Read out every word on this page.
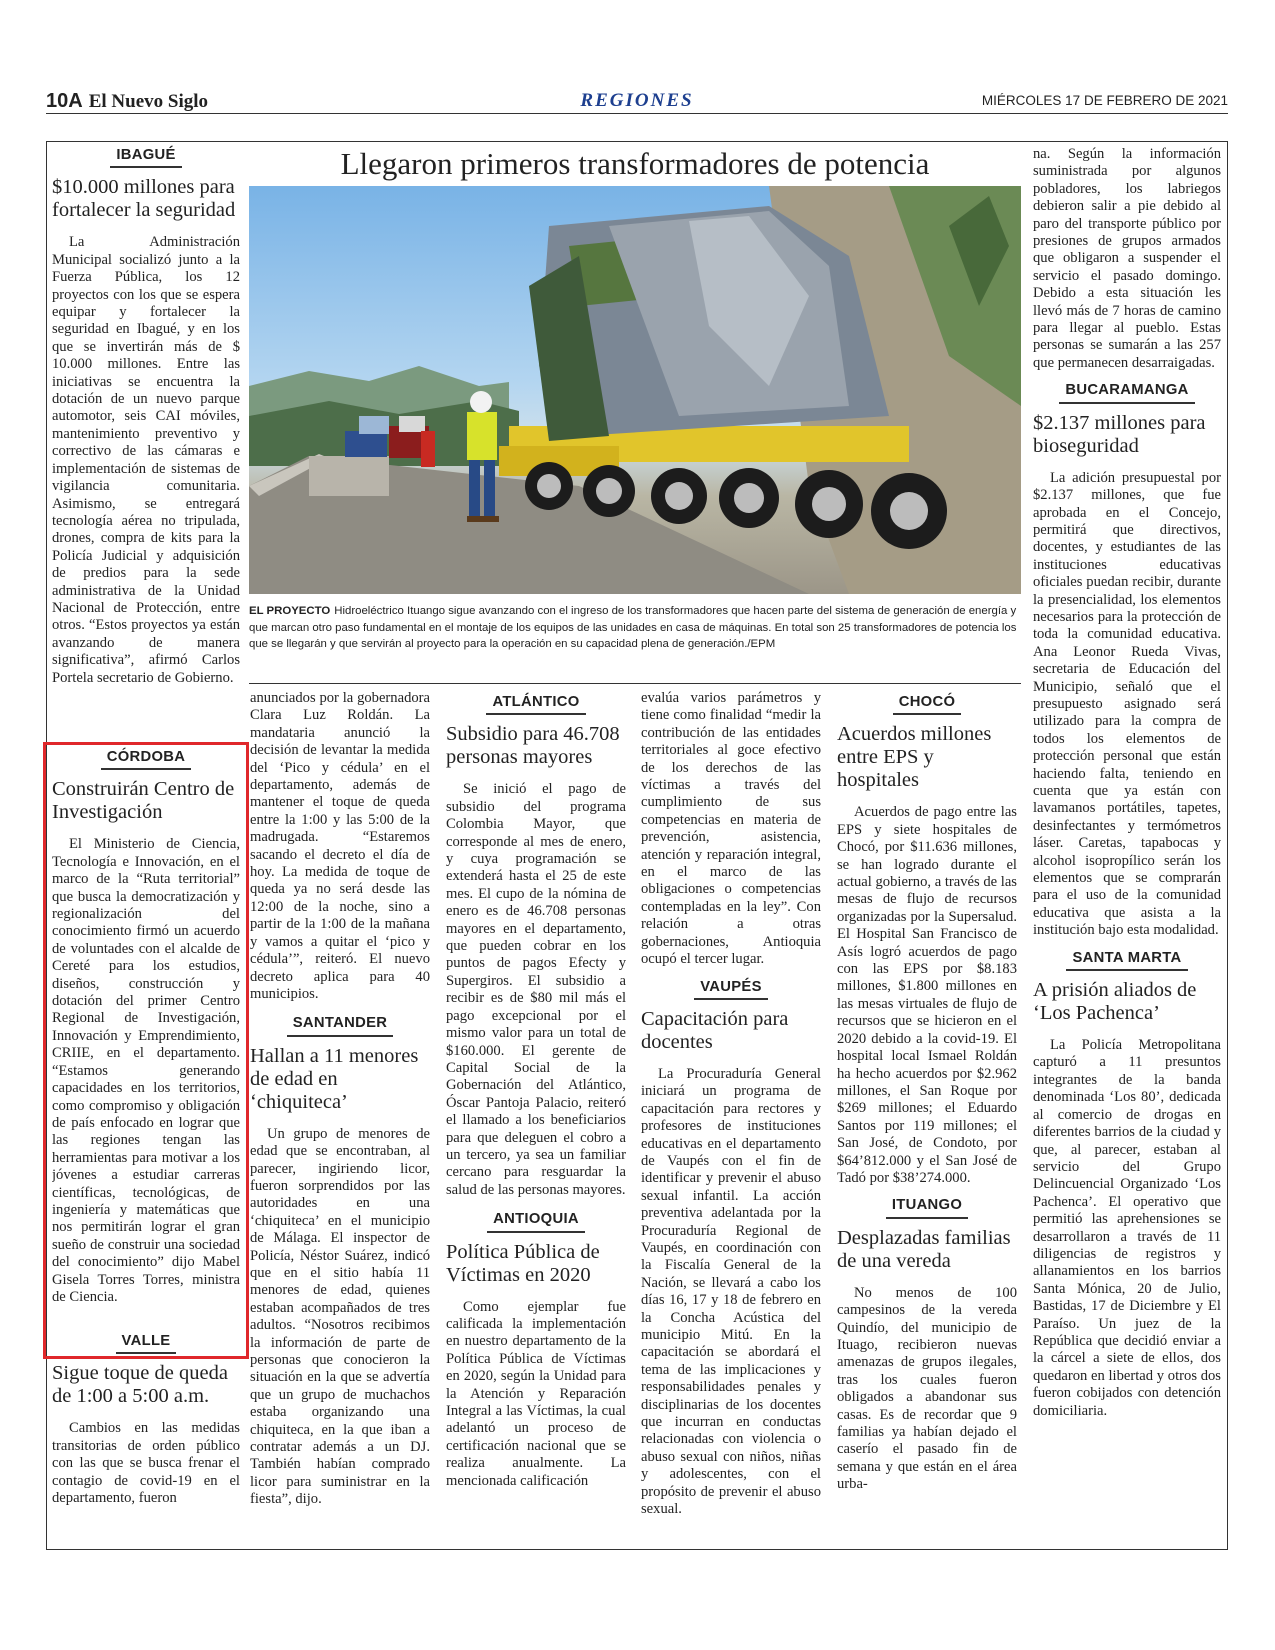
10A El Nuevo Siglo	REGIONES	MIÉRCOLES 17 DE FEBRERO DE 2021
Llegaron primeros transformadores de potencia
EL PROYECTO Hidroeléctrico Ituango sigue avanzando con el ingreso de los transformadores que hacen parte del sistema de generación de energía y que marcan otro paso fundamental en el montaje de los equipos de las unidades en casa de máquinas. En total son 25 transformadores de potencia los que se llegarán y que servirán al proyecto para la operación en su capacidad plena de generación./EPM
IBAGUÉ
$10.000 millones para fortalecer la seguridad

La Administración Municipal socializó junto a la Fuerza Pública, los 12 proyectos con los que se espera equipar y fortalecer la seguridad en Ibagué, y en los que se invertirán más de $ 10.000 millones. Entre las iniciativas se encuentra la dotación de un nuevo parque automotor, seis CAI móviles, mantenimiento preventivo y correctivo de las cámaras e implementación de sistemas de vigilancia comunitaria. Asimismo, se entregará tecnología aérea no tripulada, drones, compra de kits para la Policía Judicial y adquisición de predios para la sede administrativa de la Unidad Nacional de Protección, entre otros. “Estos proyectos ya están avanzando de manera significativa”, afirmó Carlos Portela secretario de Gobierno.

CÓRDOBA
Construirán Centro de Investigación

El Ministerio de Ciencia, Tecnología e Innovación, en el marco de la “Ruta territorial” que busca la democratización y regionalización del conocimiento firmó un acuerdo de voluntades con el alcalde de Cereté para los estudios, diseños, construcción y dotación del primer Centro Regional de Investigación, Innovación y Emprendimiento, CRIIE, en el departamento. “Estamos generando capacidades en los territorios, como compromiso y obligación de país enfocado en lograr que las regiones tengan las herramientas para motivar a los jóvenes a estudiar carreras científicas, tecnológicas, de ingeniería y matemáticas que nos permitirán lograr el gran sueño de construir una sociedad del conocimiento” dijo Mabel Gisela Torres Torres, ministra de Ciencia.

VALLE
Sigue toque de queda de 1:00 a 5:00 a.m.

Cambios en las medidas transitorias de orden público con las que se busca frenar el contagio de covid-19 en el departamento, fueron

anunciados por la gobernadora Clara Luz Roldán. La mandataria anunció la decisión de levantar la medida del ‘Pico y cédula’ en el departamento, además de mantener el toque de queda entre la 1:00 y las 5:00 de la madrugada. “Estaremos sacando el decreto el día de hoy. La medida de toque de queda ya no será desde las 12:00 de la noche, sino a partir de la 1:00 de la mañana y vamos a quitar el ‘pico y cédula’”, reiteró. El nuevo decreto aplica para 40 municipios.

SANTANDER
Hallan a 11 menores de edad en ‘chiquiteca’

Un grupo de menores de edad que se encontraban, al parecer, ingiriendo licor, fueron sorprendidos por las autoridades en una ‘chiquiteca’ en el municipio de Málaga. El inspector de Policía, Néstor Suárez, indicó que en el sitio había 11 menores de edad, quienes estaban acompañados de tres adultos. “Nosotros recibimos la información de parte de personas que conocieron la situación en la que se advertía que un grupo de muchachos estaba organizando una chiquiteca, en la que iban a contratar además a un DJ. También habían comprado licor para suministrar en la fiesta”, dijo.

ATLÁNTICO
Subsidio para 46.708 personas mayores

Se inició el pago de subsidio del programa Colombia Mayor, que corresponde al mes de enero, y cuya programación se extenderá hasta el 25 de este mes. El cupo de la nómina de enero es de 46.708 personas mayores en el departamento, que pueden cobrar en los puntos de pagos Efecty y Supergiros. El subsidio a recibir es de $80 mil más el pago excepcional por el mismo valor para un total de $160.000. El gerente de Capital Social de la Gobernación del Atlántico, Óscar Pantoja Palacio, reiteró el llamado a los beneficiarios para que deleguen el cobro a un tercero, ya sea un familiar cercano para resguardar la salud de las personas mayores.

ANTIOQUIA
Política Pública de Víctimas en 2020

Como ejemplar fue calificada la implementación en nuestro departamento de la Política Pública de Víctimas en 2020, según la Unidad para la Atención y Reparación Integral a las Víctimas, la cual adelantó un proceso de certificación nacional que se realiza anualmente. La mencionada calificación

evalúa varios parámetros y tiene como finalidad “medir la contribución de las entidades territoriales al goce efectivo de los derechos de las víctimas a través del cumplimiento de sus competencias en materia de prevención, asistencia, atención y reparación integral, en el marco de las obligaciones o competencias contempladas en la ley”. Con relación a otras gobernaciones, Antioquia ocupó el tercer lugar.

VAUPÉS
Capacitación para docentes

La Procuraduría General iniciará un programa de capacitación para rectores y profesores de instituciones educativas en el departamento de Vaupés con el fin de identificar y prevenir el abuso sexual infantil. La acción preventiva adelantada por la Procuraduría Regional de Vaupés, en coordinación con la Fiscalía General de la Nación, se llevará a cabo los días 16, 17 y 18 de febrero en la Concha Acústica del municipio Mitú. En la capacitación se abordará el tema de las implicaciones y responsabilidades penales y disciplinarias de los docentes que incurran en conductas relacionadas con violencia o abuso sexual con niños, niñas y adolescentes, con el propósito de prevenir el abuso sexual.

CHOCÓ
Acuerdos millones entre EPS y hospitales

Acuerdos de pago entre las EPS y siete hospitales de Chocó, por $11.636 millones, se han logrado durante el actual gobierno, a través de las mesas de flujo de recursos organizadas por la Supersalud. El Hospital San Francisco de Asís logró acuerdos de pago con las EPS por $8.183 millones, $1.800 millones en las mesas virtuales de flujo de recursos que se hicieron en el 2020 debido a la covid-19. El hospital local Ismael Roldán ha hecho acuerdos por $2.962 millones, el San Roque por $269 millones; el Eduardo Santos por 119 millones; el San José, de Condoto, por $64’812.000 y el San José de Tadó por $38’274.000.

ITUANGO
Desplazadas familias de una vereda

No menos de 100 campesinos de la vereda Quindío, del municipio de Ituago, recibieron nuevas amenazas de grupos ilegales, tras los cuales fueron obligados a abandonar sus casas. Es de recordar que 9 familias ya habían dejado el caserío el pasado fin de semana y que están en el área urba-

na. Según la información suministrada por algunos pobladores, los labriegos debieron salir a pie debido al paro del transporte público por presiones de grupos armados que obligaron a suspender el servicio el pasado domingo. Debido a esta situación les llevó más de 7 horas de camino para llegar al pueblo. Estas personas se sumarán a las 257 que permanecen desarraigadas.

BUCARAMANGA
$2.137 millones para bioseguridad

La adición presupuestal por $2.137 millones, que fue aprobada en el Concejo, permitirá que directivos, docentes, y estudiantes de las instituciones educativas oficiales puedan recibir, durante la presencialidad, los elementos necesarios para la protección de toda la comunidad educativa. Ana Leonor Rueda Vivas, secretaria de Educación del Municipio, señaló que el presupuesto asignado será utilizado para la compra de todos los elementos de protección personal que están haciendo falta, teniendo en cuenta que ya están con lavamanos portátiles, tapetes, desinfectantes y termómetros láser. Caretas, tapabocas y alcohol isopropílico serán los elementos que se comprarán para el uso de la comunidad educativa que asista a la institución bajo esta modalidad.

SANTA MARTA
A prisión aliados de ‘Los Pachenca’

La Policía Metropolitana capturó a 11 presuntos integrantes de la banda denominada ‘Los 80’, dedicada al comercio de drogas en diferentes barrios de la ciudad y que, al parecer, estaban al servicio del Grupo Delincuencial Organizado ‘Los Pachenca’. El operativo que permitió las aprehensiones se desarrollaron a través de 11 diligencias de registros y allanamientos en los barrios Santa Mónica, 20 de Julio, Bastidas, 17 de Diciembre y El Paraíso. Un juez de la República que decidió enviar a la cárcel a siete de ellos, dos quedaron en libertad y otros dos fueron cobijados con detención domiciliaria.
